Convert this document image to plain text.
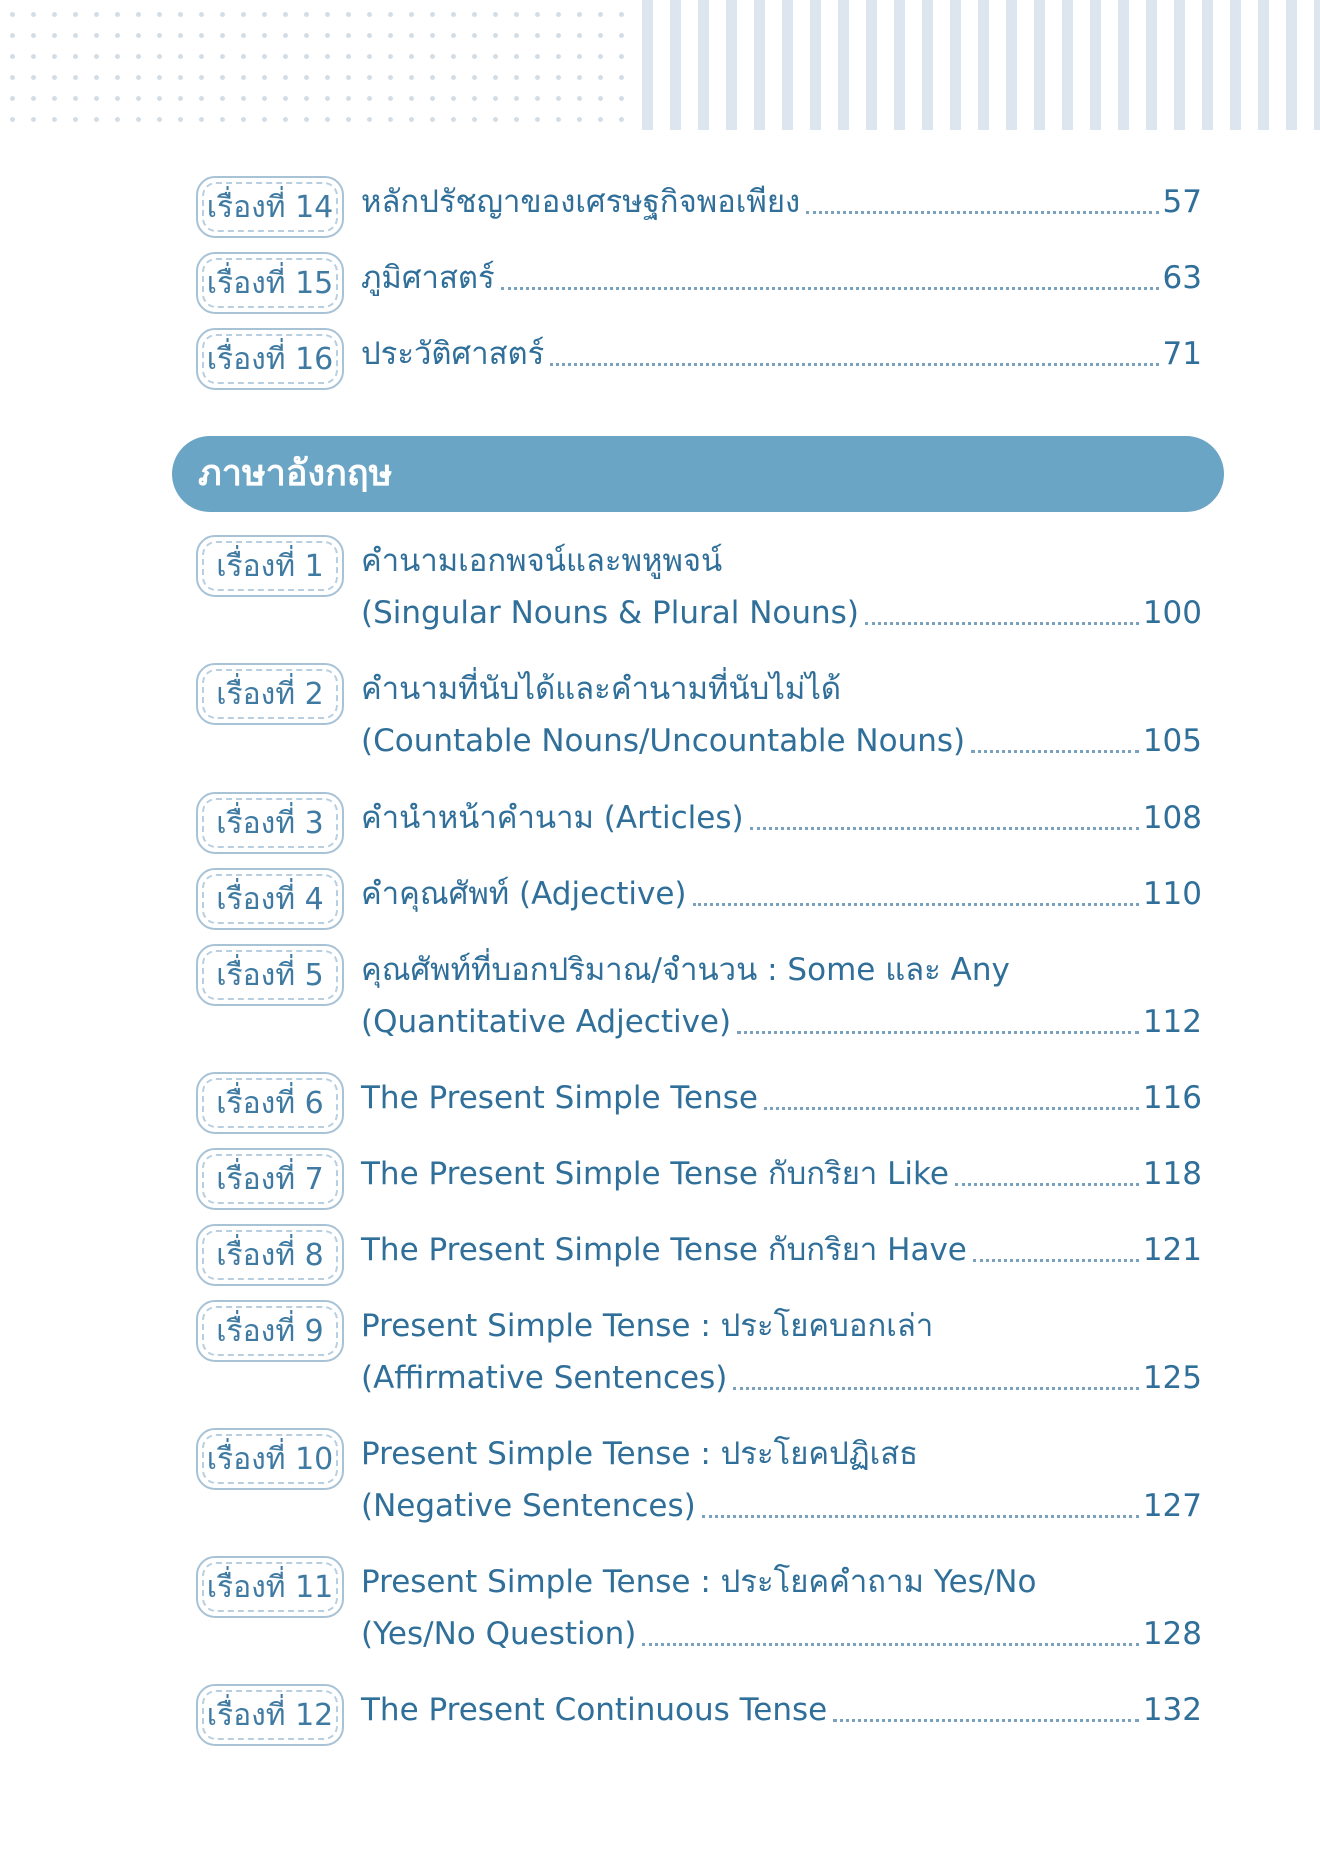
เรื่องที่ 14 หลักปรัชญาของเศรษฐกิจพอเพียง	57
เรื่องที่ 15 ภูมิศาสตร์	63
เรื่องที่ 16 ประวัติศาสตร์	71
ภาษาอังกฤษ
เรื่องที่ 1	คำนามเอกพจน์และพหูพจน์
(Singular Nouns & Plural Nouns)	100
เรื่องที่ 2	คำนามที่นับได้และคำนามที่นับไม่ได้
(Countable Nouns/Uncountable Nouns)	105
เรื่องที่ 3	คำนำหน้าคำนาม (Articles)	108
เรื่องที่ 4	คำคุณศัพท์ (Adjective)	110
เรื่องที่ 5	คุณศัพท์ที่บอกปริมาณ/จำนวน : Some และ Any
(Quantitative Adjective)	112
เรื่องที่ 6	The Present Simple Tense	116
เรื่องที่ 7	The Present Simple Tense กับกริยา Like	118
เรื่องที่ 8	The Present Simple Tense กับกริยา Have	121
เรื่องที่ 9	Present Simple Tense : ประโยคบอกเล่า
(Affirmative Sentences)	125
เรื่องที่ 10 Present Simple Tense : ประโยคปฏิเสธ
(Negative Sentences)	127
เรื่องที่ 11 Present Simple Tense : ประโยคคำถาม Yes/No
(Yes/No Question)	128
เรื่องที่ 12 The Present Continuous Tense	132
